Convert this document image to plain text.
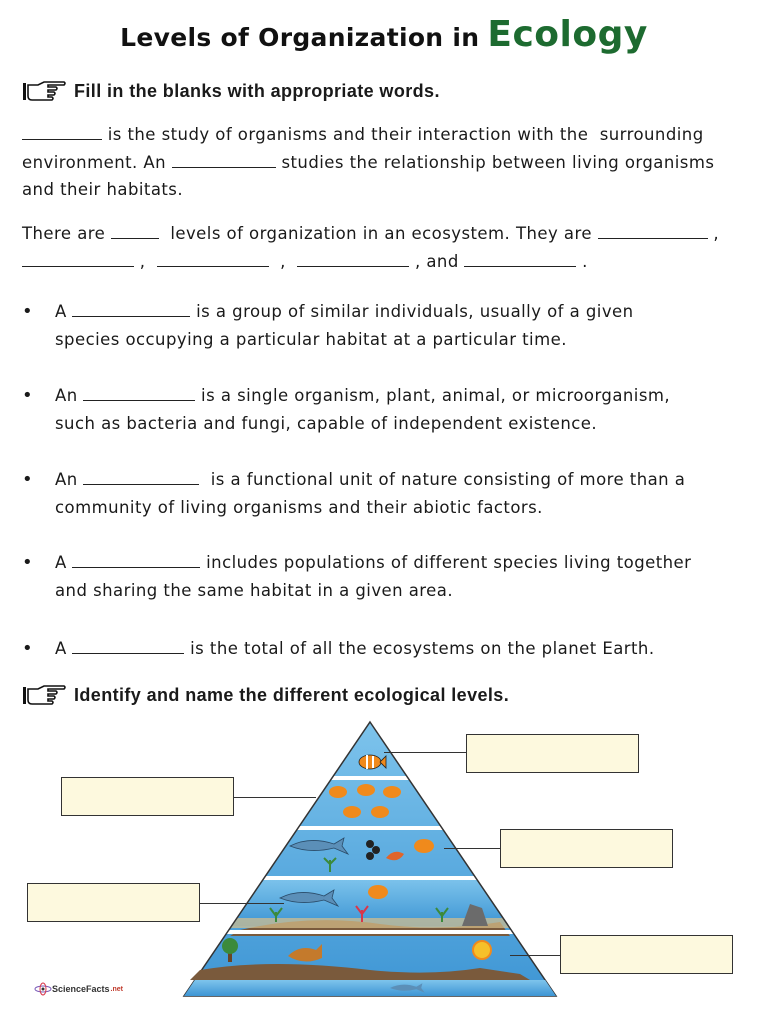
Levels of Organization in Ecology
Fill in the blanks with appropriate words.
is the study of organisms and their interaction with the  surrounding
environment. An	studies the relationship between living organisms
and their habitats.
There are	levels of organization in an ecosystem. They are	,
,	,	, and	.
• A	is a group of similar individuals, usually of a given
species occupying a particular habitat at a particular time.
• An	is a single organism, plant, animal, or microorganism,
such as bacteria and fungi, capable of independent existence.
• An	is a functional unit of nature consisting of more than a
community of living organisms and their abiotic factors.
• A	includes populations of different species living together
and sharing the same habitat in a given area.
• A	is the total of all the ecosystems on the planet Earth.
Identify and name the different ecological levels.
ScienceFacts .net
